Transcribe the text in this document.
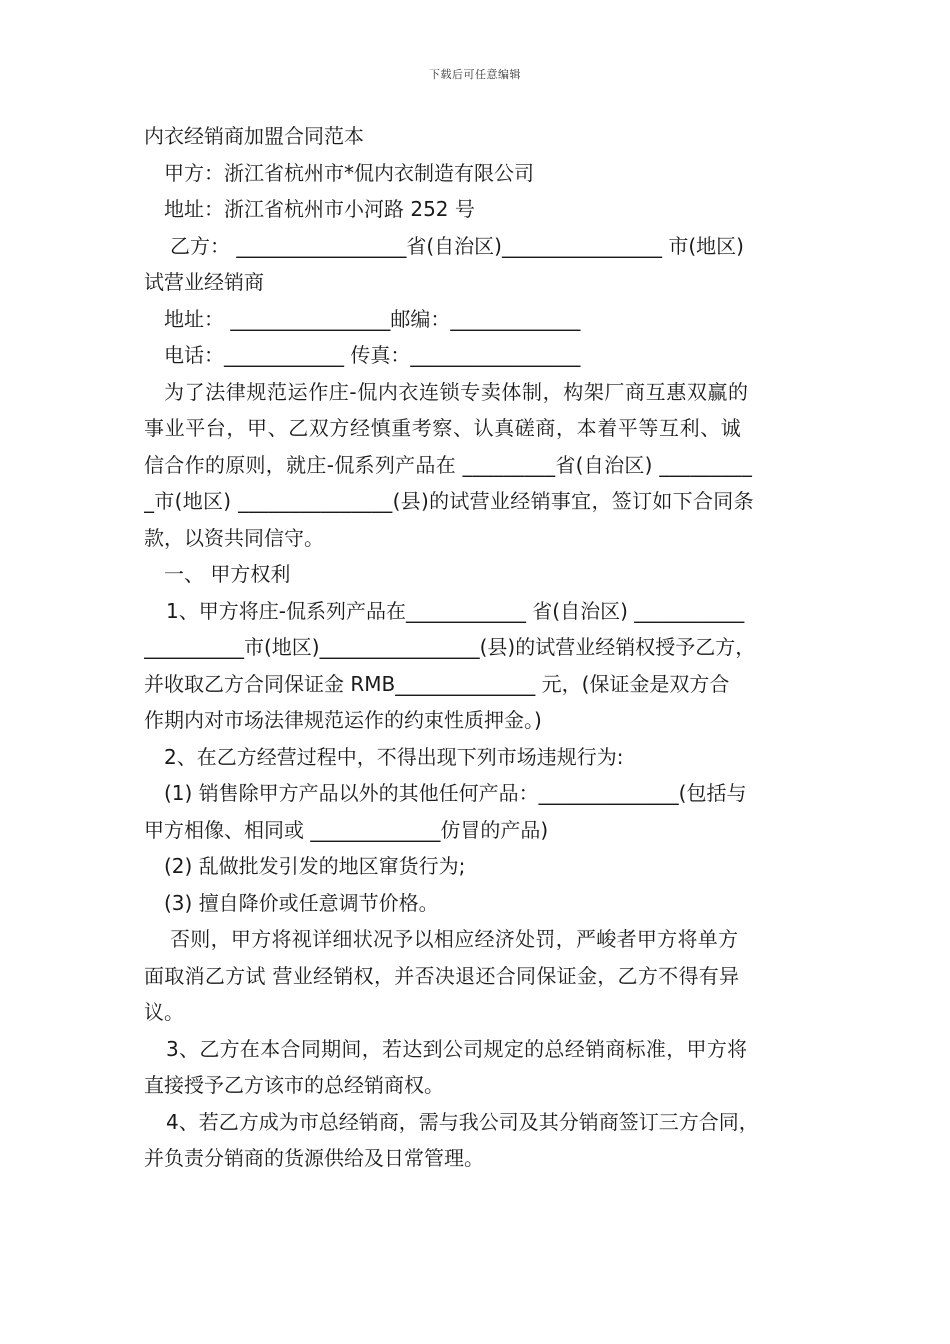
下载后可任意编辑
内衣经销商加盟合同范本
甲方：浙江省杭州市*侃内衣制造有限公司
地址：浙江省杭州市小河路 252 号
乙方： _________________省(自治区)________________ 市(地区)
试营业经销商
地址： ________________邮编：_____________
电话：____________ 传真：_________________
为了法律规范运作庄-侃内衣连锁专卖体制，构架厂商互惠双赢的
事业平台，甲、乙双方经慎重考察、认真磋商，本着平等互利、诚
信合作的原则，就庄-侃系列产品在 _________省(自治区) _________
_市(地区) _______________(县)的试营业经销事宜，签订如下合同条
款，以资共同信守。
一、 甲方权利
1、甲方将庄-侃系列产品在____________ 省(自治区) ___________
__________市(地区)________________(县)的试营业经销权授予乙方，
并收取乙方合同保证金 RMB______________ 元，(保证金是双方合
作期内对市场法律规范运作的约束性质押金。)
2、在乙方经营过程中，不得出现下列市场违规行为:
(1) 销售除甲方产品以外的其他任何产品：______________(包括与
甲方相像、相同或 _____________仿冒的产品)
(2) 乱做批发引发的地区窜货行为;
(3) 擅自降价或任意调节价格。
否则，甲方将视详细状况予以相应经济处罚，严峻者甲方将单方
面取消乙方试 营业经销权，并否决退还合同保证金，乙方不得有异
议。
3、乙方在本合同期间，若达到公司规定的总经销商标准，甲方将
直接授予乙方该市的总经销商权。
4、若乙方成为市总经销商，需与我公司及其分销商签订三方合同，
并负责分销商的货源供给及日常管理。
